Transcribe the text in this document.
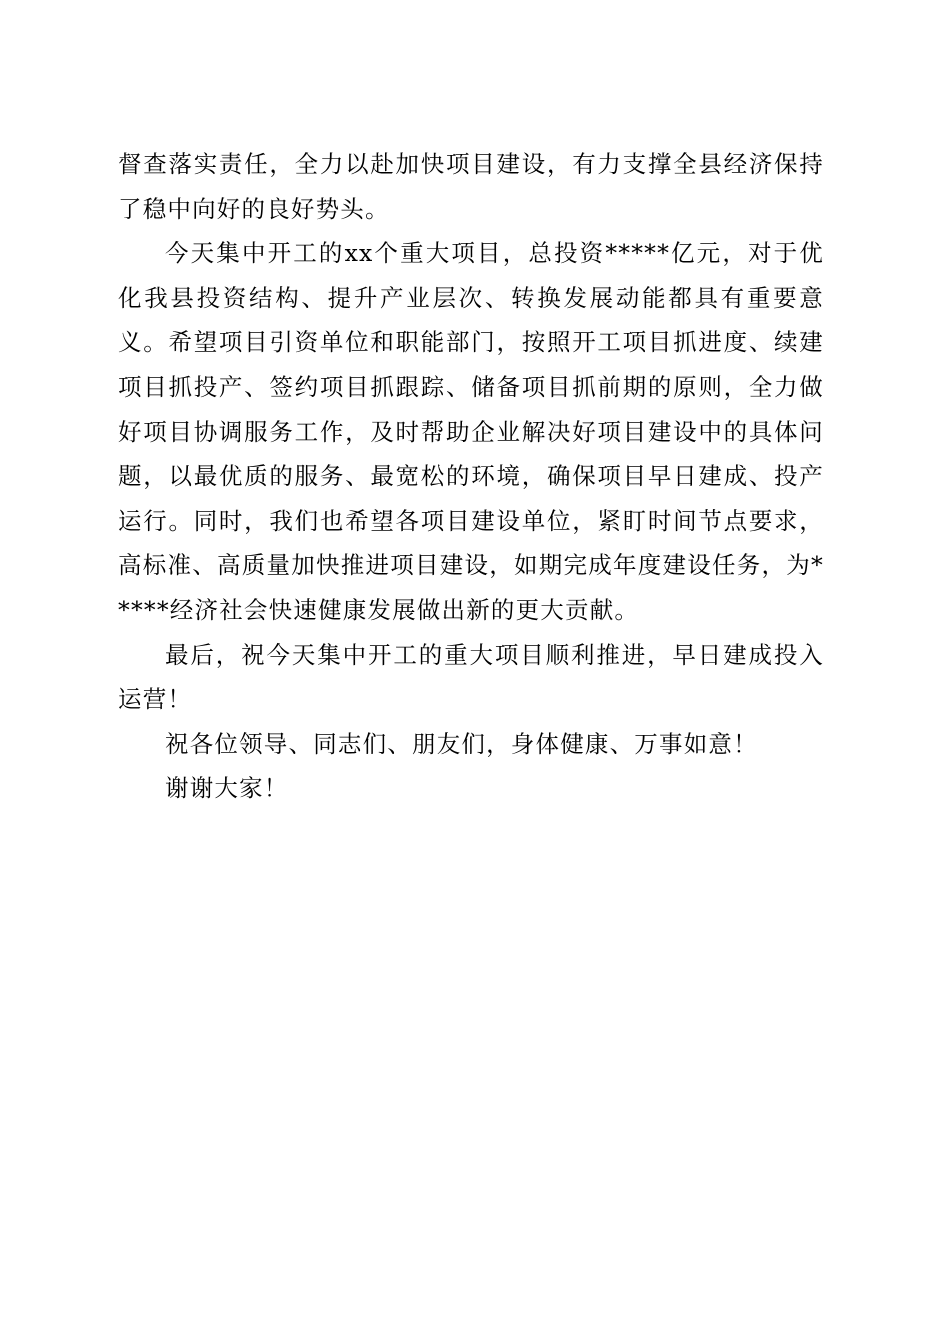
督查落实责任，全力以赴加快项目建设，有力支撑全县经济保持了稳中向好的良好势头。

今天集中开工的xx个重大项目，总投资*****亿元，对于优化我县投资结构、提升产业层次、转换发展动能都具有重要意义。希望项目引资单位和职能部门，按照开工项目抓进度、续建项目抓投产、签约项目抓跟踪、储备项目抓前期的原则，全力做好项目协调服务工作，及时帮助企业解决好项目建设中的具体问题，以最优质的服务、最宽松的环境，确保项目早日建成、投产运行。同时，我们也希望各项目建设单位，紧盯时间节点要求，高标准、高质量加快推进项目建设，如期完成年度建设任务，为*****经济社会快速健康发展做出新的更大贡献。

最后，祝今天集中开工的重大项目顺利推进，早日建成投入运营！

祝各位领导、同志们、朋友们，身体健康、万事如意！

谢谢大家！
